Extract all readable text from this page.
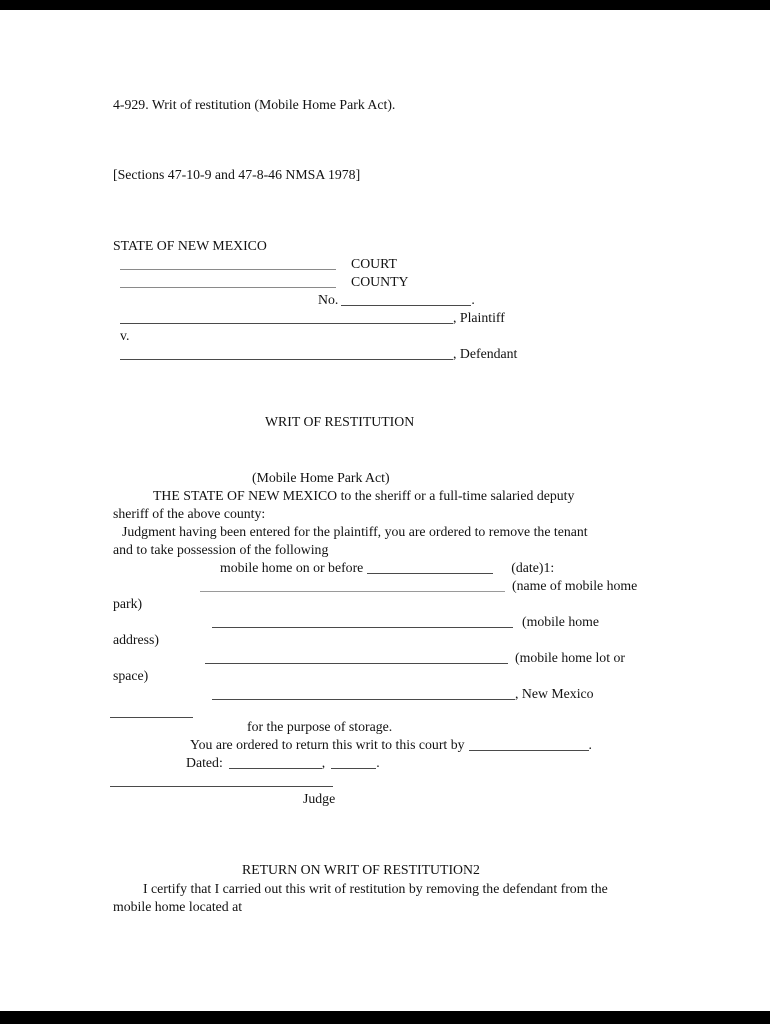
4-929. Writ of restitution (Mobile Home Park Act).
[Sections 47-10-9 and 47-8-46 NMSA 1978]
STATE OF NEW MEXICO
COURT
COUNTY
No.	.
, Plaintiff
v.
, Defendant
WRIT OF RESTITUTION
(Mobile Home Park Act)
THE STATE OF NEW MEXICO to the sheriff or a full-time salaried deputy
sheriff of the above county:
Judgment having been entered for the plaintiff, you are ordered to remove the tenant
and to take possession of the following
mobile home on or before	(date)1:
(name of mobile home
park)
(mobile home
address)
(mobile home lot or
space)
, New Mexico
for the purpose of storage.
You are ordered to return this writ to this court by	.
Dated:	,	.
Judge
RETURN ON WRIT OF RESTITUTION2
I certify that I carried out this writ of restitution by removing the defendant from the
mobile home located at
